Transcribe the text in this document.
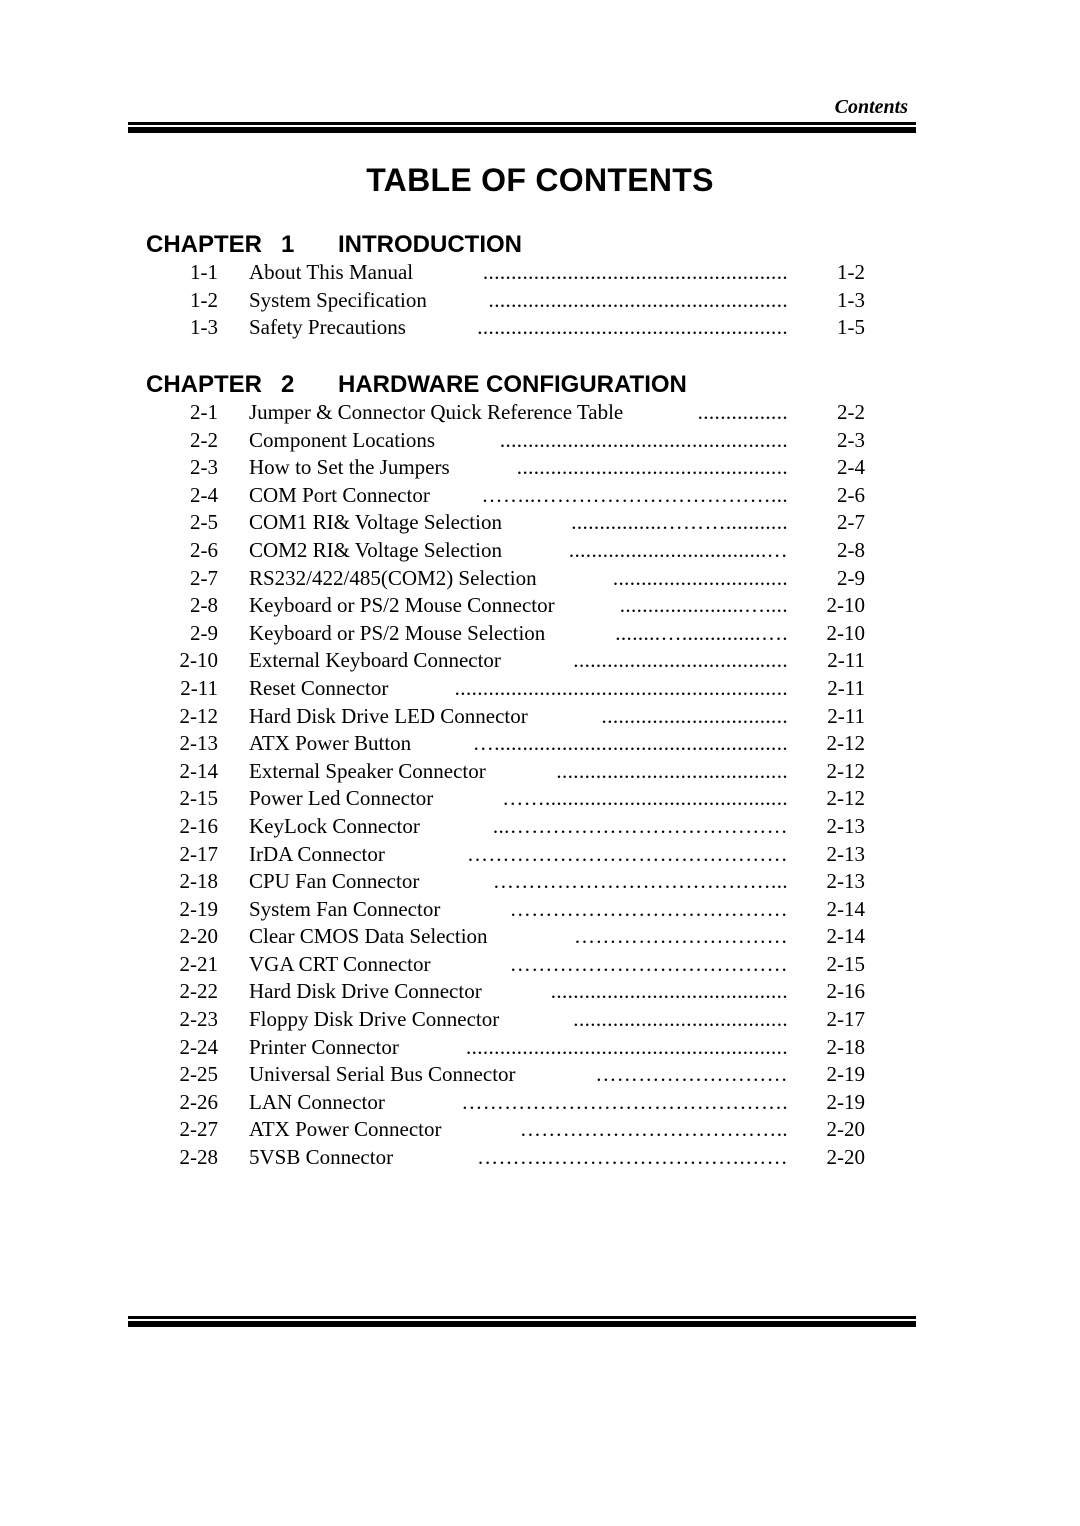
Contents
TABLE OF CONTENTS
CHAPTER 1 INTRODUCTION
1-1 About This Manual	...................................................... 1-2
1-2 System Specification	..................................................... 1-3
1-3 Safety Precautions	....................................................... 1-5
CHAPTER 2 HARDWARE CONFIGURATION
2-1 Jumper & Connector Quick Reference Table	................ 2-2
2-2 Component Locations	................................................... 2-3
2-3 How to Set the Jumpers	................................................ 2-4
2-4 COM Port Connector ……..……………………………... 2-6
2-5 COM1 RI& Voltage Selection	................………........... 2-7
2-6 COM2 RI& Voltage Selection	...................................… 2-8
2-7 RS232/422/485(COM2) Selection	............................... 2-9
2-8 Keyboard or PS/2 Mouse Connector	......................….... 2-10
2-9 Keyboard or PS/2 Mouse Selection	........…..............…. 2-10
2-10 External Keyboard Connector	...................................... 2-11
2-11 Reset Connector	........................................................... 2-11
2-12 Hard Disk Drive LED Connector	................................. 2-11
2-13 ATX Power Button	….................................................... 2-12
2-14 External Speaker Connector	......................................... 2-12
2-15 Power Led Connector	……........................................... 2-12
2-16 KeyLock Connector	...………………………………… 2-13
2-17 IrDA Connector	……………………………………… 2-13
2-18 CPU Fan Connector	…………………………………... 2-13
2-19 System Fan Connector	………………………………… 2-14
2-20 Clear CMOS Data Selection	………………………… 2-14
2-21 VGA CRT Connector	………………………………… 2-15
2-22 Hard Disk Drive Connector	.......................................... 2-16
2-23 Floppy Disk Drive Connector	...................................... 2-17
2-24 Printer Connector	......................................................... 2-18
2-25 Universal Serial Bus Connector	……………………… 2-19
2-26 LAN Connector	………………………………………. 2-19
2-27 ATX Power Connector	……………………………….. 2-20
2-28 5VSB Connector	……….……………………….…… 2-20
